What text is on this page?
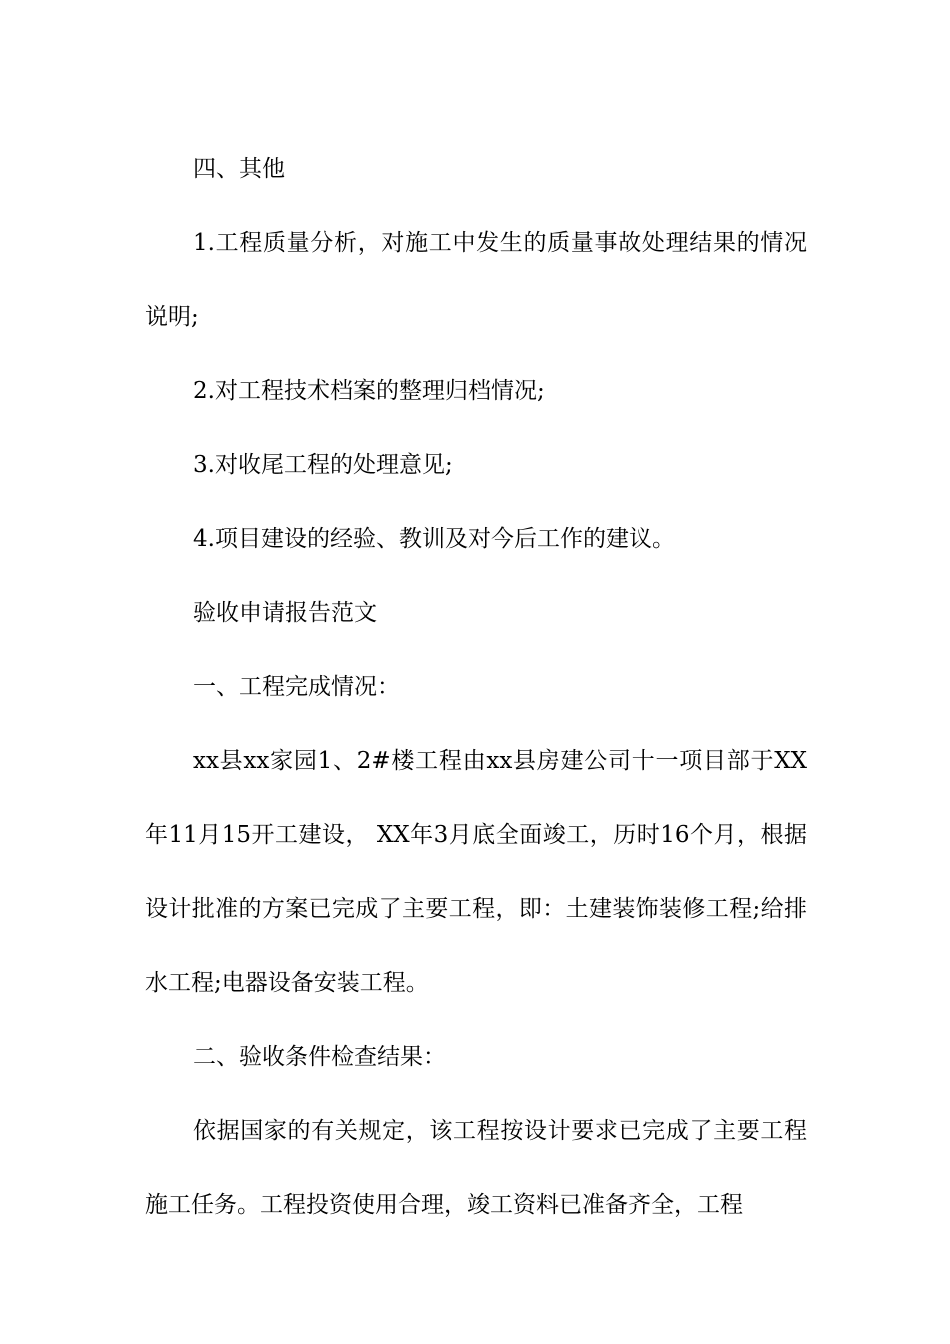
四、其他

1.工程质量分析，对施工中发生的质量事故处理结果的情况说明;

2.对工程技术档案的整理归档情况;

3.对收尾工程的处理意见;

4.项目建设的经验、教训及对今后工作的建议。

验收申请报告范文

一、工程完成情况：

xx县xx家园1、2#楼工程由xx县房建公司十一项目部于XX年11月15开工建设， XX年3月底全面竣工，历时16个月，根据设计批准的方案已完成了主要工程，即：土建装饰装修工程;给排水工程;电器设备安装工程。

二、验收条件检查结果：

依据国家的有关规定，该工程按设计要求已完成了主要工程施工任务。工程投资使用合理，竣工资料已准备齐全，工程
